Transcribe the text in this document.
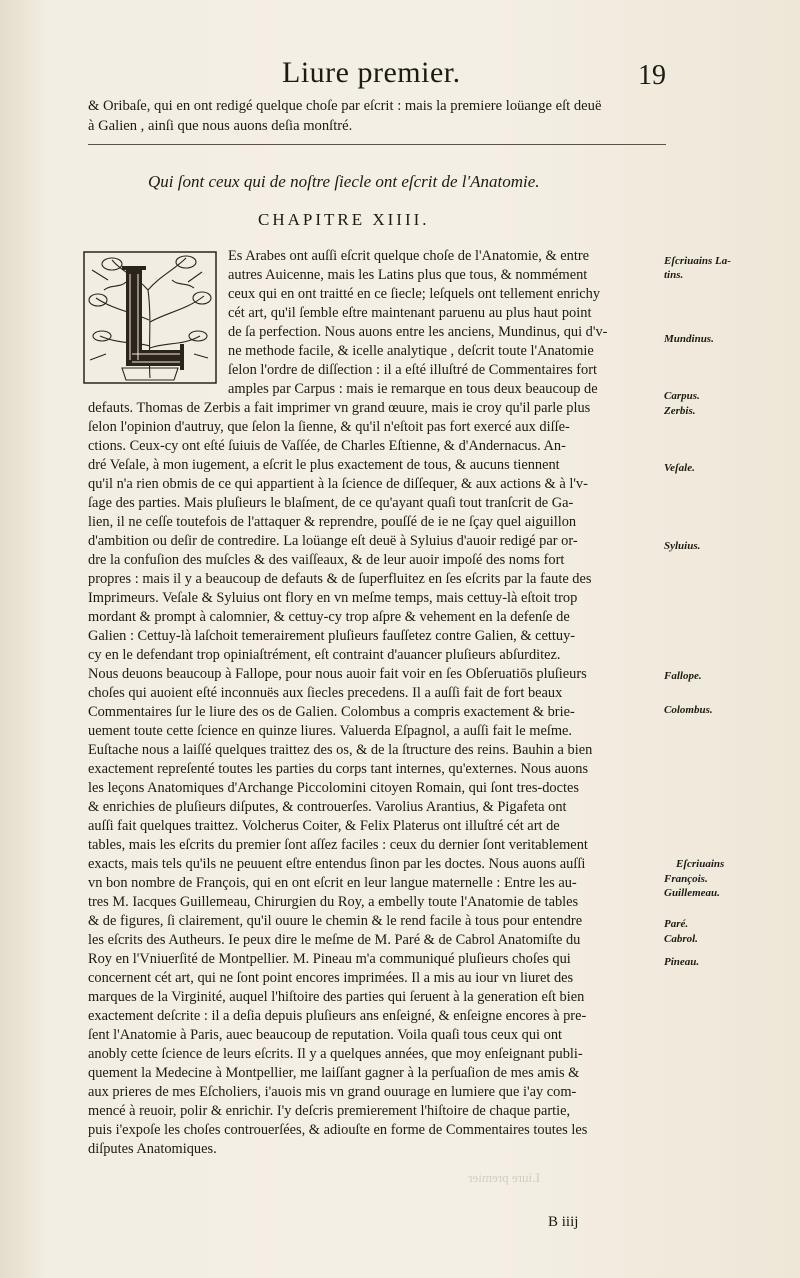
Liure premier.	19
& Oribaſe, qui en ont redigé quelque choſe par eſcrit : mais la premiere loüange eſt deuë
à Galien , ainſi que nous auons deſia monſtré.
Qui ſont ceux qui de noſtre ſiecle ont eſcrit de l'Anatomie.
CHAPITRE XIIII.
Es Arabes ont auſſi eſcrit quelque choſe de l'Anatomie, & entre
autres Auicenne, mais les Latins plus que tous, & nommément
ceux qui en ont traitté en ce ſiecle; leſquels ont tellement enrichy
cét art, qu'il ſemble eſtre maintenant paruenu au plus haut point
de ſa perfection. Nous auons entre les anciens, Mundinus, qui d'v-
ne methode facile, & icelle analytique , deſcrit toute l'Anatomie
ſelon l'ordre de diſſection : il a eſté illuſtré de Commentaires fort
amples par Carpus : mais ie remarque en tous deux beaucoup de
defauts. Thomas de Zerbis a fait imprimer vn grand œuure, mais ie croy qu'il parle plus
ſelon l'opinion d'autruy, que ſelon la ſienne, & qu'il n'eſtoit pas fort exercé aux diſſe-
ctions. Ceux-cy ont eſté ſuiuis de Vaſſée, de Charles Eſtienne, & d'Andernacus. An-
dré Veſale, à mon iugement, a eſcrit le plus exactement de tous, & aucuns tiennent
qu'il n'a rien obmis de ce qui appartient à la ſcience de diſſequer, & aux actions & à l'v-
ſage des parties. Mais pluſieurs le blaſment, de ce qu'ayant quaſi tout tranſcrit de Ga-
lien, il ne ceſſe toutefois de l'attaquer & reprendre, pouſſé de ie ne ſçay quel aiguillon
d'ambition ou deſir de contredire. La loüange eſt deuë à Syluius d'auoir redigé par or-
dre la confuſion des muſcles & des vaiſſeaux, & de leur auoir impoſé des noms fort
propres : mais il y a beaucoup de defauts & de ſuperfluitez en ſes eſcrits par la faute des
Imprimeurs. Veſale & Syluius ont flory en vn meſme temps, mais cettuy-là eſtoit trop
mordant & prompt à calomnier, & cettuy-cy trop aſpre & vehement en la defenſe de
Galien : Cettuy-là laſchoit temerairement pluſieurs fauſſetez contre Galien, & cettuy-
cy en le defendant trop opiniaſtrément, eſt contraint d'auancer pluſieurs abſurditez.
Nous deuons beaucoup à Fallope, pour nous auoir fait voir en ſes Obſeruatiōs pluſieurs
choſes qui auoient eſté inconnuës aux ſiecles precedens. Il a auſſi fait de fort beaux
Commentaires ſur le liure des os de Galien. Colombus a compris exactement & brie-
uement toute cette ſcience en quinze liures. Valuerda Eſpagnol, a auſſi fait le meſme.
Euſtache nous a laiſſé quelques traittez des os, & de la ſtructure des reins. Bauhin a bien
exactement repreſenté toutes les parties du corps tant internes, qu'externes. Nous auons
les leçons Anatomiques d'Archange Piccolomini citoyen Romain, qui ſont tres-doctes
& enrichies de pluſieurs diſputes, & controuerſes. Varolius Arantius, & Pigafeta ont
auſſi fait quelques traittez. Volcherus Coiter, & Felix Platerus ont illuſtré cét art de
tables, mais les eſcrits du premier ſont aſſez faciles : ceux du dernier ſont veritablement
exacts, mais tels qu'ils ne peuuent eſtre entendus ſinon par les doctes. Nous auons auſſi
vn bon nombre de François, qui en ont eſcrit en leur langue maternelle : Entre les au-
tres M. Iacques Guillemeau, Chirurgien du Roy, a embelly toute l'Anatomie de tables
& de figures, ſi clairement, qu'il ouure le chemin & le rend facile à tous pour entendre
les eſcrits des Autheurs. Ie peux dire le meſme de M. Paré & de Cabrol Anatomiſte du
Roy en l'Vniuerſité de Montpellier. M. Pineau m'a communiqué pluſieurs choſes qui
concernent cét art, qui ne ſont point encores imprimées. Il a mis au iour vn liuret des
marques de la Virginité, auquel l'hiſtoire des parties qui ſeruent à la generation eſt bien
exactement deſcrite : il a deſia depuis pluſieurs ans enſeigné, & enſeigne encores à pre-
ſent l'Anatomie à Paris, auec beaucoup de reputation. Voila quaſi tous ceux qui ont
anobly cette ſcience de leurs eſcrits. Il y a quelques années, que moy enſeignant publi-
quement la Medecine à Montpellier, me laiſſant gagner à la perſuaſion de mes amis &
aux prieres de mes Eſcholiers, i'auois mis vn grand ouurage en lumiere que i'ay com-
mencé à reuoir, polir & enrichir. I'y deſcris premierement l'hiſtoire de chaque partie,
puis i'expoſe les choſes controuerſées, & adiouſte en forme de Commentaires toutes les
diſputes Anatomiques.
Eſcriuains La-
tins.
Mundinus.
Carpus.
Zerbis.
Veſale.
Syluius.
Fallope.
Colombus.
Eſcriuains
François.
Guillemeau.
Paré.
Cabrol.
Pineau.
Liure premier
B iiij
